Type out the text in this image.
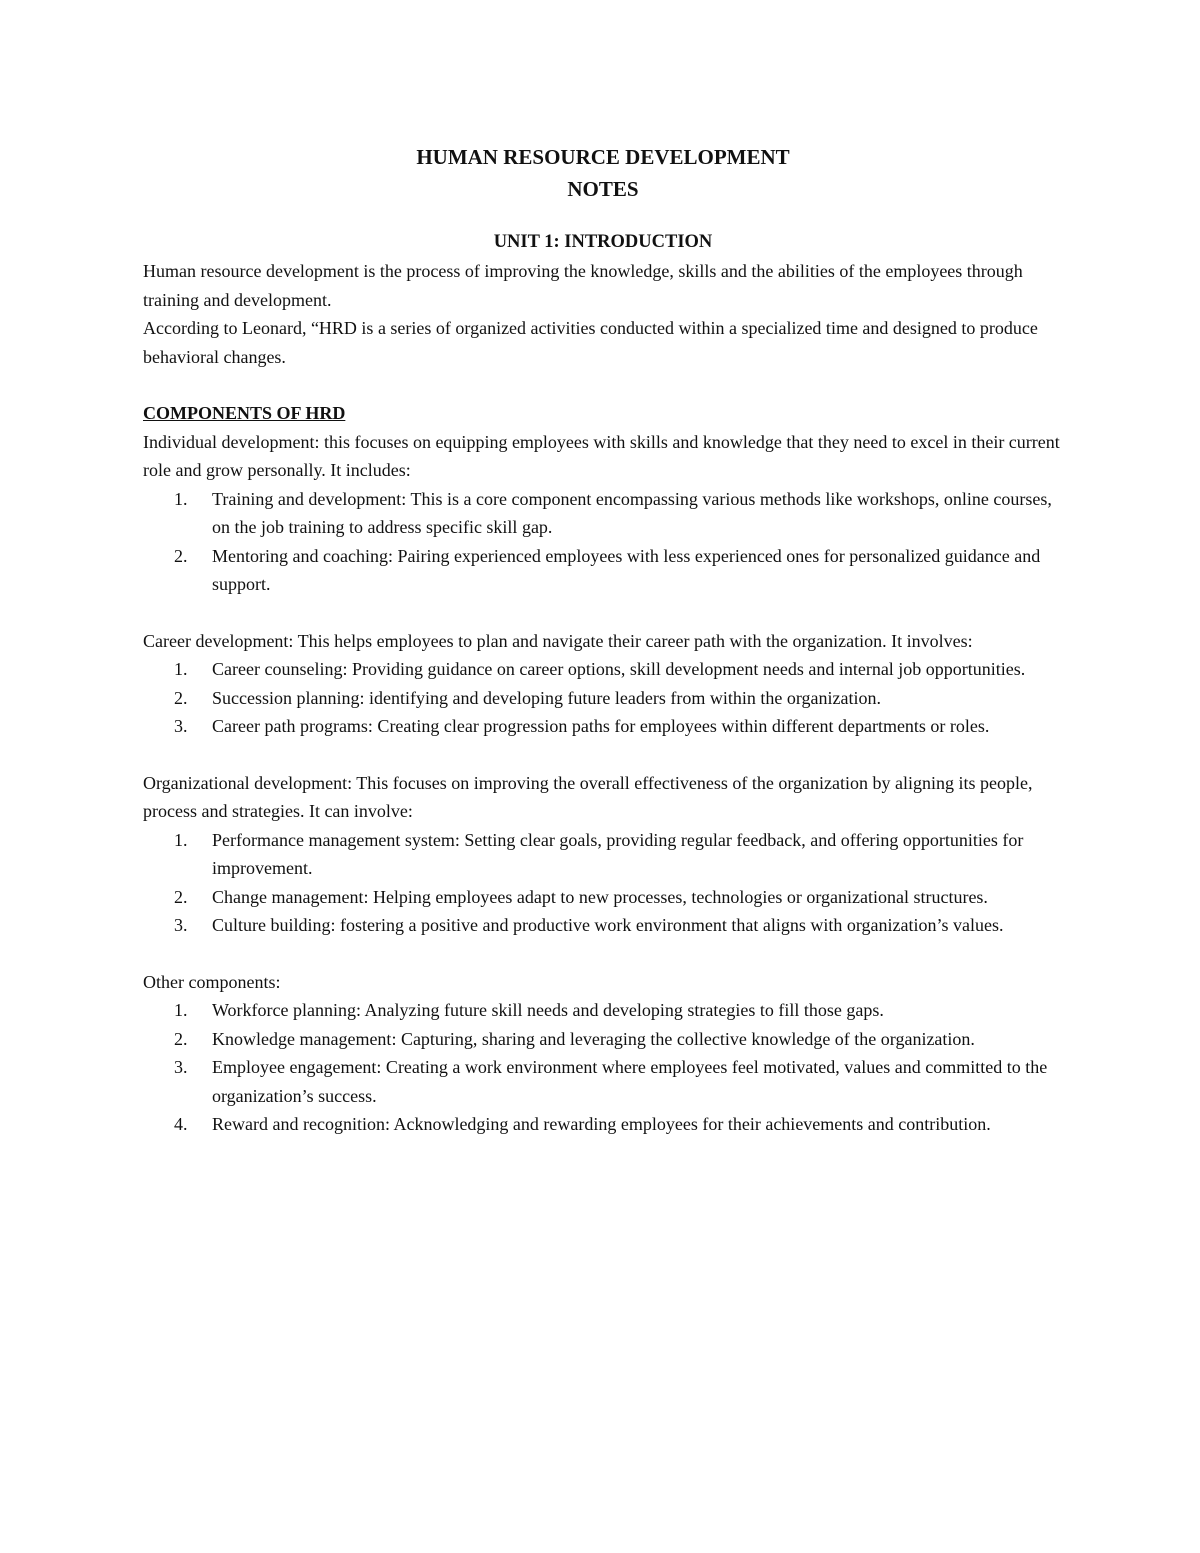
HUMAN RESOURCE DEVELOPMENT
NOTES
UNIT 1: INTRODUCTION

Human resource development is the process of improving the knowledge, skills and the abilities of the employees through training and development.

According to Leonard, “HRD is a series of organized activities conducted within a specialized time and designed to produce behavioral changes.

COMPONENTS OF HRD

Individual development: this focuses on equipping employees with skills and knowledge that they need to excel in their current role and grow personally. It includes:

1. Training and development: This is a core component encompassing various methods like workshops, online courses, on the job training to address specific skill gap.
2. Mentoring and coaching: Pairing experienced employees with less experienced ones for personalized guidance and support.

Career development: This helps employees to plan and navigate their career path with the organization. It involves:

1. Career counseling: Providing guidance on career options, skill development needs and internal job opportunities.
2. Succession planning: identifying and developing future leaders from within the organization.
3. Career path programs: Creating clear progression paths for employees within different departments or roles.

Organizational development: This focuses on improving the overall effectiveness of the organization by aligning its people, process and strategies. It can involve:

1. Performance management system: Setting clear goals, providing regular feedback, and offering opportunities for improvement.
2. Change management: Helping employees adapt to new processes, technologies or organizational structures.
3. Culture building: fostering a positive and productive work environment that aligns with organization’s values.

Other components:

1. Workforce planning: Analyzing future skill needs and developing strategies to fill those gaps.
2. Knowledge management: Capturing, sharing and leveraging the collective knowledge of the organization.
3. Employee engagement: Creating a work environment where employees feel motivated, values and committed to the organization’s success.
4. Reward and recognition: Acknowledging and rewarding employees for their achievements and contribution.
